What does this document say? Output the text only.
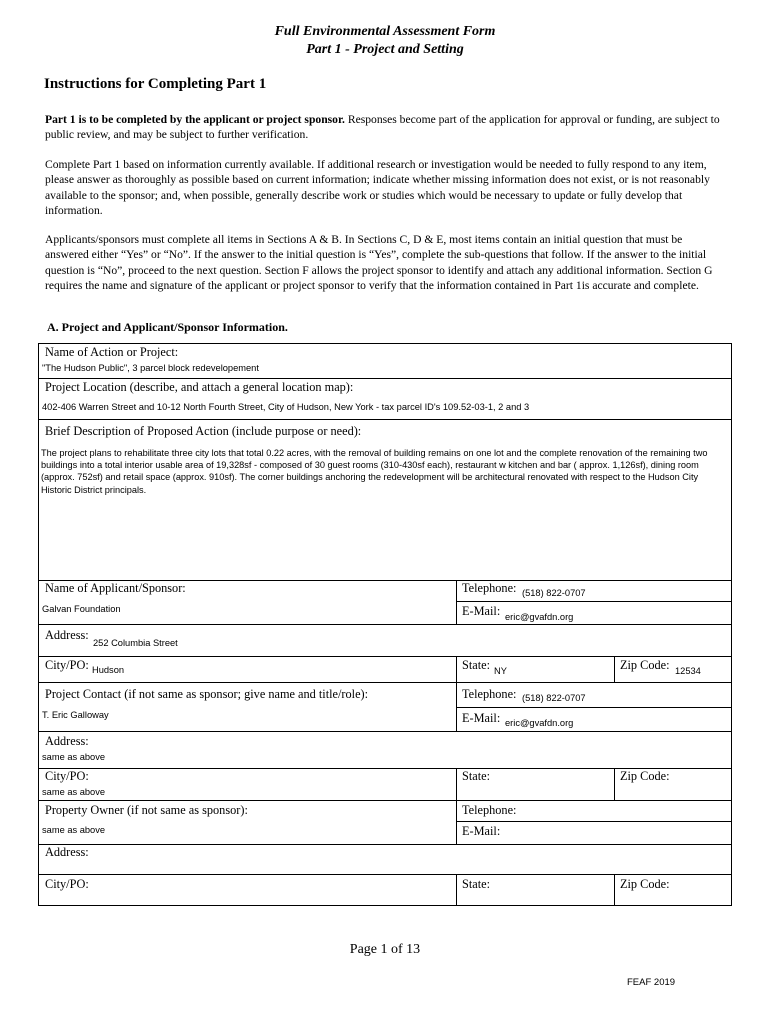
Full Environmental Assessment Form
Part 1 - Project and Setting
Instructions for Completing Part 1
Part 1 is to be completed by the applicant or project sponsor. Responses become part of the application for approval or funding, are subject to public review, and may be subject to further verification.
Complete Part 1 based on information currently available. If additional research or investigation would be needed to fully respond to any item, please answer as thoroughly as possible based on current information; indicate whether missing information does not exist, or is not reasonably available to the sponsor; and, when possible, generally describe work or studies which would be necessary to update or fully develop that information.
Applicants/sponsors must complete all items in Sections A & B. In Sections C, D & E, most items contain an initial question that must be answered either “Yes” or “No”. If the answer to the initial question is “Yes”, complete the sub-questions that follow. If the answer to the initial question is “No”, proceed to the next question. Section F allows the project sponsor to identify and attach any additional information. Section G requires the name and signature of the applicant or project sponsor to verify that the information contained in Part 1is accurate and complete.
A. Project and Applicant/Sponsor Information.
Name of Action or Project:
"The Hudson Public", 3 parcel block redevelopement
Project Location (describe, and attach a general location map):
402-406 Warren Street and 10-12 North Fourth Street, City of Hudson, New York - tax parcel ID's 109.52-03-1, 2 and 3
Brief Description of Proposed Action (include purpose or need):
The project plans to rehabilitate three city lots that total 0.22 acres, with the removal of building remains on one lot and the complete renovation of the remaining two buildings into a total interior usable area of 19,328sf - composed of 30 guest rooms (310-430sf each), restaurant w kitchen and bar ( approx. 1,126sf), dining room (approx. 752sf) and retail space (approx. 910sf). The corner buildings anchoring the redevelopment will be architectural renovated with respect to the Hudson City Historic District principals.
Name of Applicant/Sponsor:
Galvan Foundation
Telephone: (518) 822-0707
E-Mail: eric@gvafdn.org
Address:
252 Columbia Street
City/PO: Hudson	State: NY	Zip Code: 12534
Project Contact (if not same as sponsor; give name and title/role):
T. Eric Galloway
Telephone: (518) 822-0707
E-Mail: eric@gvafdn.org
Address:
same as above
City/PO:
same as above
State:	Zip Code:
Property Owner (if not same as sponsor):
same as above
Telephone:
E-Mail:
Address:
City/PO:	State:	Zip Code:
Page 1 of 13
FEAF 2019
